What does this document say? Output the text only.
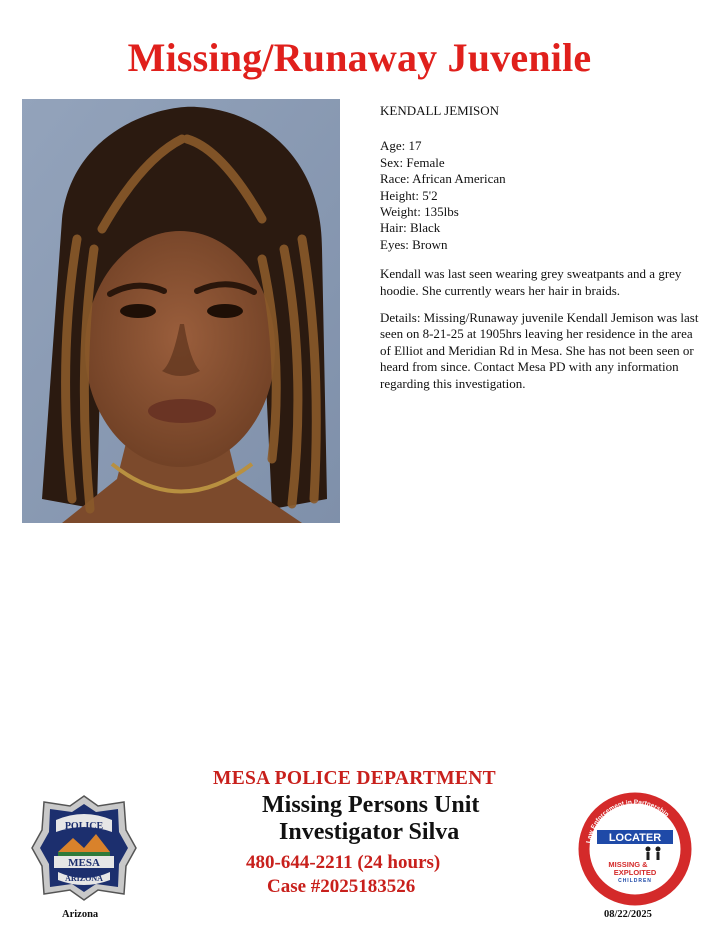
Missing/Runaway Juvenile
KENDALL JEMISON
Age: 17
Sex: Female
Race: African American
Height: 5'2
Weight: 135lbs
Hair: Black
Eyes: Brown

Kendall was last seen wearing grey sweatpants and a grey hoodie. She currently wears her hair in braids.

Details: Missing/Runaway juvenile Kendall Jemison was last seen on 8-21-25 at 1905hrs leaving her residence in the area of Elliot and Meridian Rd in Mesa. She has not been seen or heard from since. Contact Mesa PD with any information regarding this investigation.

POLICE
MESA
ARIZONA
Arizona
MESA POLICE DEPARTMENT
Missing Persons Unit
Investigator Silva
480-644-2211 (24 hours)
Case #2025183526
Law Enforcement in Partnership
LOCATER
MISSING &
EXPLOITED
CHILDREN
08/22/2025
